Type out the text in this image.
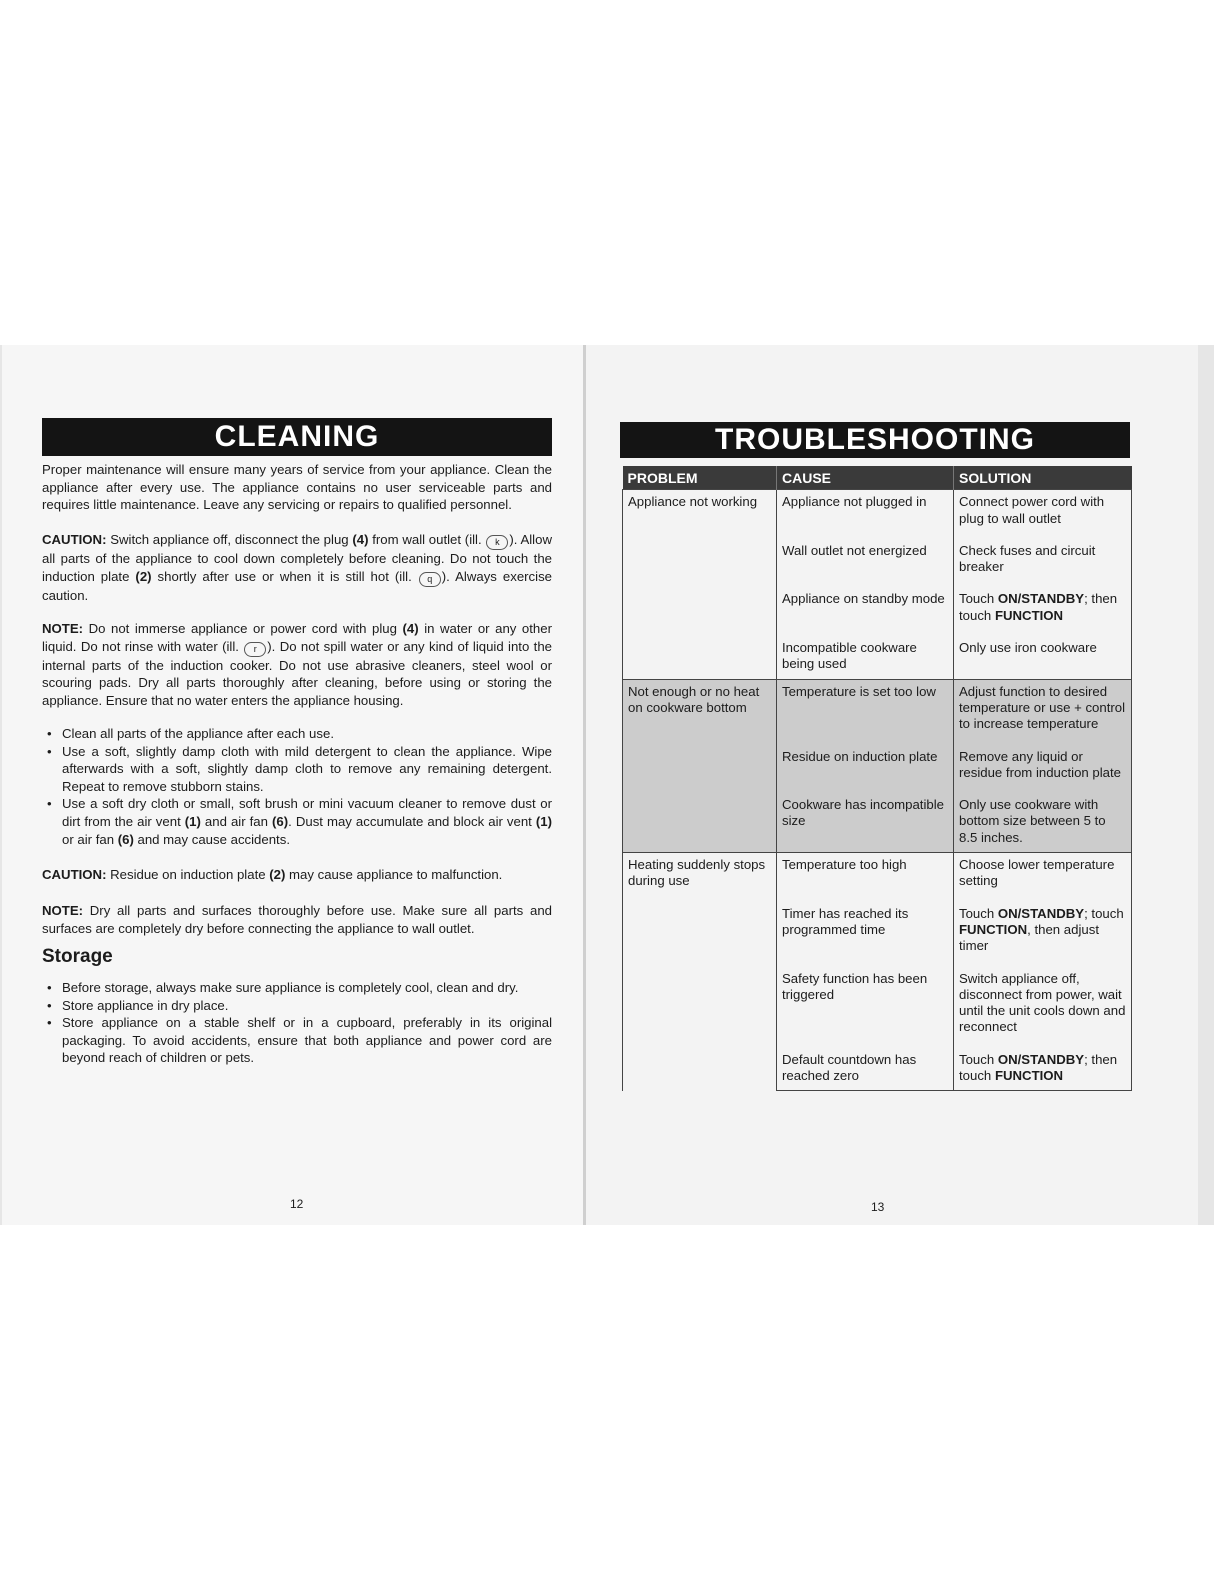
CLEANING

Proper maintenance will ensure many years of service from your appliance. Clean the appliance after every use. The appliance contains no user serviceable parts and requires little maintenance. Leave any servicing or repairs to qualified personnel.

CAUTION: Switch appliance off, disconnect the plug (4) from wall outlet (ill. k ). Allow all parts of the appliance to cool down completely before cleaning. Do not touch the induction plate (2) shortly after use or when it is still hot (ill. q ). Always exercise caution.

NOTE: Do not immerse appliance or power cord with plug (4) in water or any other liquid. Do not rinse with water (ill. r ). Do not spill water or any kind of liquid into the internal parts of the induction cooker. Do not use abrasive cleaners, steel wool or scouring pads. Dry all parts thoroughly after cleaning, before using or storing the appliance. Ensure that no water enters the appliance housing.

• Clean all parts of the appliance after each use.
• Use a soft, slightly damp cloth with mild detergent to clean the appliance. Wipe afterwards with a soft, slightly damp cloth to remove any remaining detergent. Repeat to remove stubborn stains.
• Use a soft dry cloth or small, soft brush or mini vacuum cleaner to remove dust or dirt from the air vent (1) and air fan (6). Dust may accumulate and block air vent (1) or air fan (6) and may cause accidents.

CAUTION: Residue on induction plate (2) may cause appliance to malfunction.

NOTE: Dry all parts and surfaces thoroughly before use. Make sure all parts and surfaces are completely dry before connecting the appliance to wall outlet.

Storage
• Before storage, always make sure appliance is completely cool, clean and dry.
• Store appliance in dry place.
• Store appliance on a stable shelf or in a cupboard, preferably in its original packaging. To avoid accidents, ensure that both appliance and power cord are beyond reach of children or pets.
12
TROUBLESHOOTING
PROBLEM	CAUSE	SOLUTION
Appliance not working	Appliance not plugged in	Connect power cord with plug to wall outlet
	Wall outlet not energized	Check fuses and circuit breaker
	Appliance on standby mode	Touch ON/STANDBY; then touch FUNCTION
	Incompatible cookware being used	Only use iron cookware
Not enough or no heat on cookware bottom	Temperature is set too low	Adjust function to desired temperature or use + control to increase temperature
	Residue on induction plate	Remove any liquid or residue from induction plate
	Cookware has incompatible size	Only use cookware with bottom size between 5 to 8.5 inches.
Heating suddenly stops during use	Temperature too high	Choose lower temperature setting
	Timer has reached its programmed time	Touch ON/STANDBY; touch FUNCTION, then adjust timer
	Safety function has been triggered	Switch appliance off, disconnect from power, wait until the unit cools down and reconnect
	Default countdown has reached zero	Touch ON/STANDBY; then touch FUNCTION
13
